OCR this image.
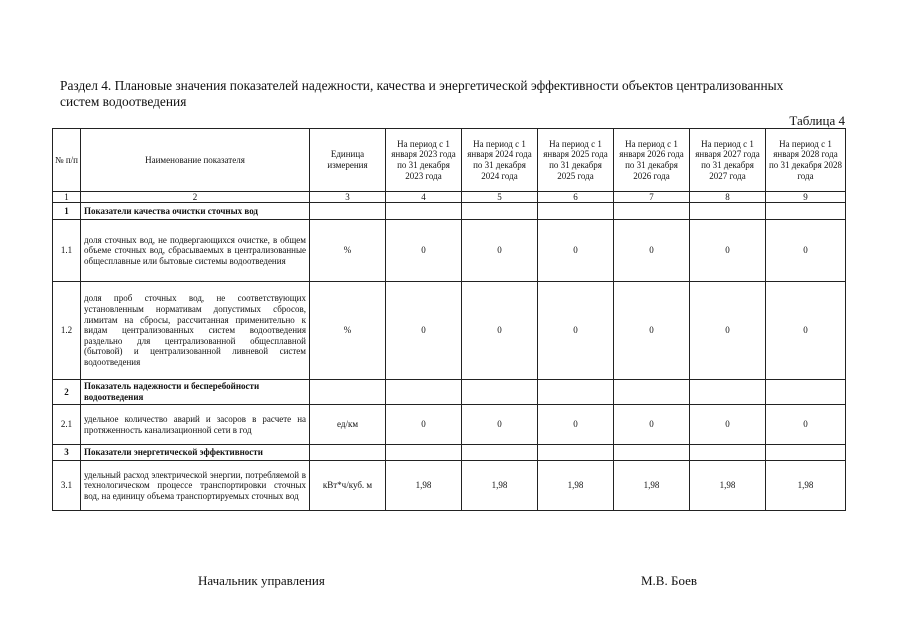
Раздел 4. Плановые значения показателей надежности, качества и энергетической эффективности объектов централизованных систем водоотведения
Таблица 4
№ п/п	Наименование показателя	Единица измерения	На период с 1 января 2023 года по 31 декабря 2023 года	На период с 1 января 2024 года по 31 декабря 2024 года	На период с 1 января 2025 года по 31 декабря 2025 года	На период с 1 января 2026 года по 31 декабря 2026 года	На период с 1 января 2027 года по 31 декабря 2027 года	На период с 1 января 2028 года по 31 декабря 2028 года
1	2	3	4	5	6	7	8	9
1	Показатели качества очистки сточных вод							
1.1	доля сточных вод, не подвергающихся очистке, в общем объеме сточных вод, сбрасываемых в централизованные общесплавные или бытовые системы водоотведения	%	0	0	0	0	0	0
1.2	доля проб сточных вод, не соответствующих установленным нормативам допустимых сбросов, лимитам на сбросы, рассчитанная применительно к видам централизованных систем водоотведения раздельно для централизованной общесплавной (бытовой) и централизованной ливневой систем водоотведения	%	0	0	0	0	0	0
2	Показатель надежности и бесперебойности водоотведения							
2.1	удельное количество аварий и засоров в расчете на протяженность канализационной сети в год	ед/км	0	0	0	0	0	0
3	Показатели энергетической эффективности							
3.1	удельный расход электрической энергии, потребляемой в технологическом процессе транспортировки сточных вод, на единицу объема транспортируемых сточных вод	кВт*ч/куб. м	1,98	1,98	1,98	1,98	1,98	1,98
Начальник управления	М.В. Боев
